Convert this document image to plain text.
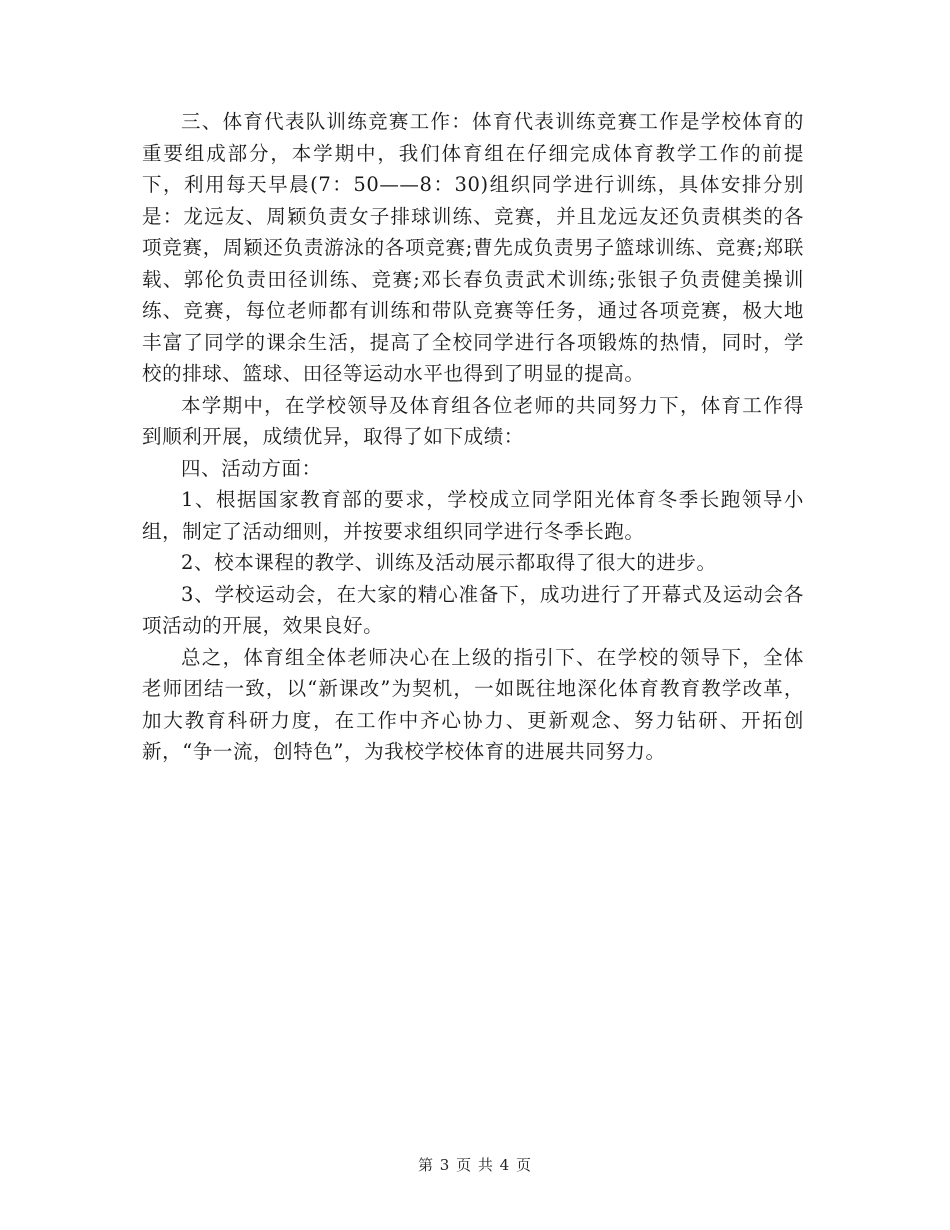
三、体育代表队训练竞赛工作：体育代表训练竞赛工作是学校体育的重要组成部分，本学期中，我们体育组在仔细完成体育教学工作的前提下，利用每天早晨(7：50——8：30)组织同学进行训练，具体安排分别是：龙远友、周颖负责女子排球训练、竞赛，并且龙远友还负责棋类的各项竞赛，周颖还负责游泳的各项竞赛;曹先成负责男子篮球训练、竞赛;郑联载、郭伦负责田径训练、竞赛;邓长春负责武术训练;张银子负责健美操训练、竞赛，每位老师都有训练和带队竞赛等任务，通过各项竞赛，极大地丰富了同学的课余生活，提高了全校同学进行各项锻炼的热情，同时，学校的排球、篮球、田径等运动水平也得到了明显的提高。

本学期中，在学校领导及体育组各位老师的共同努力下，体育工作得到顺利开展，成绩优异，取得了如下成绩：

四、活动方面：

1、根据国家教育部的要求，学校成立同学阳光体育冬季长跑领导小组，制定了活动细则，并按要求组织同学进行冬季长跑。

2、校本课程的教学、训练及活动展示都取得了很大的进步。

3、学校运动会，在大家的精心准备下，成功进行了开幕式及运动会各项活动的开展，效果良好。

总之，体育组全体老师决心在上级的指引下、在学校的领导下，全体老师团结一致，以“新课改”为契机，一如既往地深化体育教育教学改革，加大教育科研力度，在工作中齐心协力、更新观念、努力钻研、开拓创新，“争一流，创特色”，为我校学校体育的进展共同努力。

第 3 页 共 4 页
